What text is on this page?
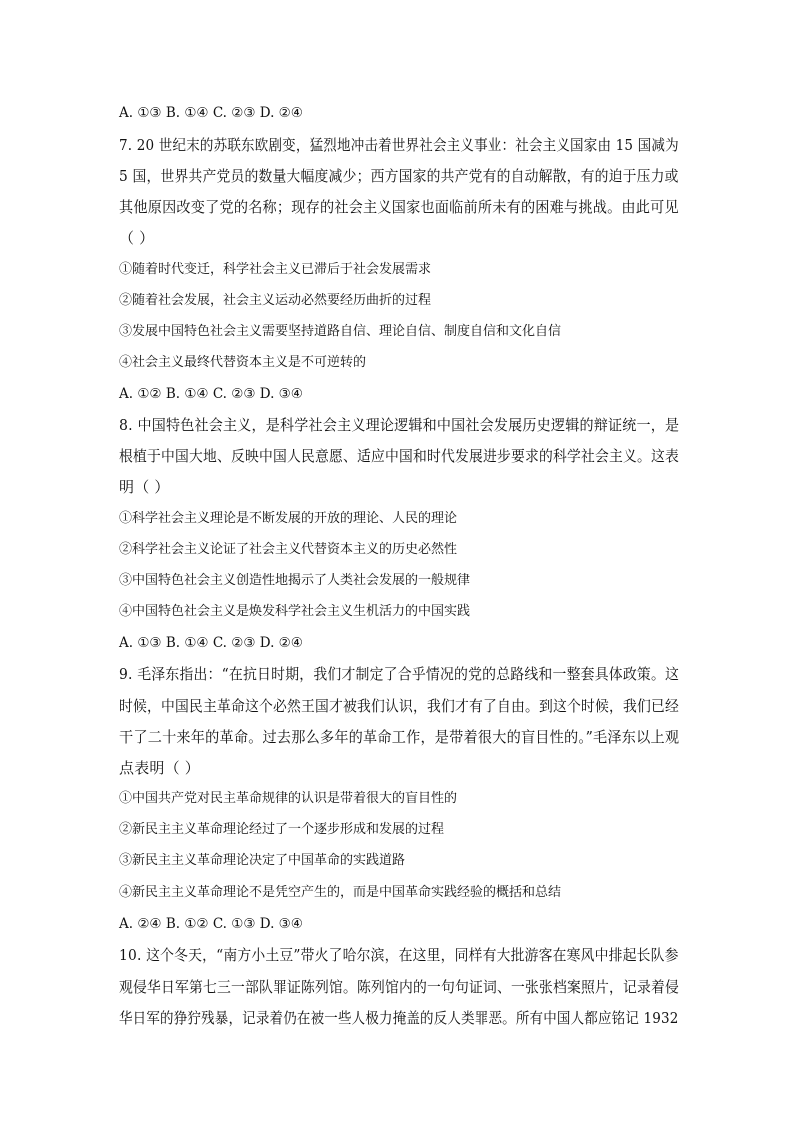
A. ①③ B. ①④ C. ②③ D. ②④
7. 20 世纪末的苏联东欧剧变，猛烈地冲击着世界社会主义事业：社会主义国家由 15 国减为
5 国，世界共产党员的数量大幅度减少；西方国家的共产党有的自动解散，有的迫于压力或
其他原因改变了党的名称；现存的社会主义国家也面临前所未有的困难与挑战。由此可见
（ ）
①随着时代变迁，科学社会主义已滞后于社会发展需求
②随着社会发展，社会主义运动必然要经历曲折的过程
③发展中国特色社会主义需要坚持道路自信、理论自信、制度自信和文化自信
④社会主义最终代替资本主义是不可逆转的
A. ①② B. ①④ C. ②③ D. ③④
8. 中国特色社会主义，是科学社会主义理论逻辑和中国社会发展历史逻辑的辩证统一，是
根植于中国大地、反映中国人民意愿、适应中国和时代发展进步要求的科学社会主义。这表
明（ ）
①科学社会主义理论是不断发展的开放的理论、人民的理论
②科学社会主义论证了社会主义代替资本主义的历史必然性
③中国特色社会主义创造性地揭示了人类社会发展的一般规律
④中国特色社会主义是焕发科学社会主义生机活力的中国实践
A. ①③ B. ①④ C. ②③ D. ②④
9. 毛泽东指出：“在抗日时期，我们才制定了合乎情况的党的总路线和一整套具体政策。这
时候，中国民主革命这个必然王国才被我们认识，我们才有了自由。到这个时候，我们已经
干了二十来年的革命。过去那么多年的革命工作，是带着很大的盲目性的。”毛泽东以上观
点表明（ ）
①中国共产党对民主革命规律的认识是带着很大的盲目性的
②新民主主义革命理论经过了一个逐步形成和发展的过程
③新民主主义革命理论决定了中国革命的实践道路
④新民主主义革命理论不是凭空产生的，而是中国革命实践经验的概括和总结
A. ②④ B. ①② C. ①③ D. ③④
10. 这个冬天，“南方小土豆”带火了哈尔滨，在这里，同样有大批游客在寒风中排起长队参
观侵华日军第七三一部队罪证陈列馆。陈列馆内的一句句证词、一张张档案照片，记录着侵
华日军的狰狞残暴，记录着仍在被一些人极力掩盖的反人类罪恶。所有中国人都应铭记 1932
